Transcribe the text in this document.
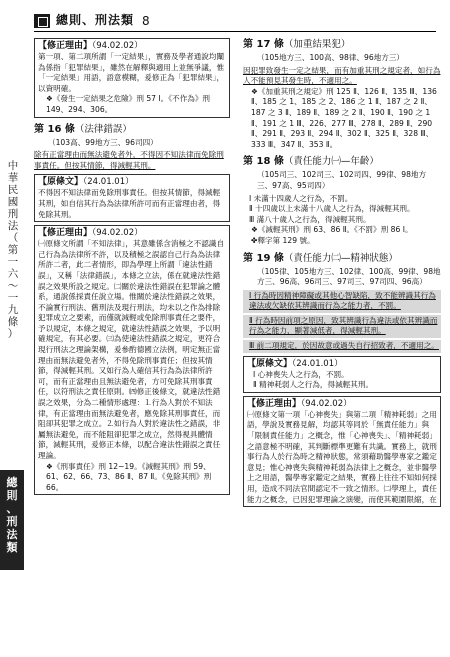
總則、刑法類 8
中
華
民
國
刑
法
（
第
一
六
～
一
九
條
）
總
則
、
刑
法
類
【修正理由】（94.02.02）

第一項、第二項所謂「一定結果」，實務及學者通說均闡為係指「犯罪結果」，雖然在解釋與適用上並無爭議，惟「一定結果」用語，語意模糊，爰修正為「犯罪結果」，以資明確。

❖《發生一定結果之危險》刑 57 Ⅰ。《不作為》刑 149、294、306。

第 16 條（法律錯誤）
（103高、99地方三、96司四）

除有正當理由而無法避免者外，不得因不知法律而免除刑事責任。但按其情節，得減輕其刑。

【原條文】（24.01.01）

不得因不知法律而免除刑事責任。但按其情節，得減輕其刑，如自信其行為為法律所許可而有正當理由者，得免除其刑。

【修正理由】（94.02.02）

㈠原條文所謂「不知法律」，其意雖係含消極之不認識自己行為為法律所不許，以及積極之誤認自己行為為法律所許二者，此二者情形，即為學理上所謂「違法性錯誤」，又稱「法律錯誤」，本條之立法，係在就違法性錯誤之效果所設之規定。㈡關於違法性錯誤在犯罪論之體系，通說係採責任說立場。惟關於違法性錯誤之效果，不論實行刑法、舊刑法及現行刑法，均未以之作為排除犯罪成立之要素，而僅就減輕或免除刑事責任之要件，予以規定，本條之規定，就違法性錯誤之效果，予以明確規定，有其必要。㈢為使違法性錯誤之規定，更符合現行刑法之理論架構，爰參酌德國立法例，明定無正當理由而無法避免者外，不得免除刑事責任；但按其情節，得減輕其刑。又如行為人確信其行為為法律所許可，而有正當理由且無法避免者，方可免除其刑事責任，以符刑法之責任原則。㈣修正後條文，就違法性錯誤之效果，分為二種情形處理：⒈行為人對於不知法律，有正當理由而無法避免者，應免除其刑事責任，而阻卻其犯罪之成立。⒉如行為人對於違法性之錯誤，非屬無法避免，而不能阻卻犯罪之成立，然得視具體情節，減輕其刑，爰修正本條，以配合違法性錯誤之責任理論。

❖《刑事責任》刑 12~19。《減輕其刑》刑 59、61、62、66、73、86 Ⅱ、87 Ⅱ。《免除其刑》刑 66。

第 17 條（加重結果犯）
（105地方三、100高、98律、96地方三）

因犯罪致發生一定之結果，而有加重其刑之規定者，如行為人不能預見其發生時，不適用之。

❖《加重其刑之規定》刑 125 Ⅱ、126 Ⅱ、135 Ⅲ、136 Ⅱ、185 之 1、185 之 2、186 之 1 Ⅱ、187 之 2 Ⅱ、187 之 3 Ⅱ、189 Ⅱ、189 之 2 Ⅱ、190 Ⅱ、190 之 1 Ⅱ、191 之 1 Ⅲ、226、277 Ⅲ、278 Ⅱ、289 Ⅱ、290 Ⅱ、291 Ⅱ、293 Ⅱ、294 Ⅱ、302 Ⅱ、325 Ⅱ、328 Ⅲ、333 Ⅲ、347 Ⅱ、353 Ⅱ。

第 18 條（責任能力㈠—年齡）
（105司三、102司三、102司四、99律、98地方三、97高、95司四）

Ⅰ 未滿十四歲人之行為，不罰。

Ⅱ 十四歲以上未滿十八歲人之行為，得減輕其刑。

Ⅲ 滿八十歲人之行為，得減輕其刑。

❖《減輕其刑》刑 63、86 Ⅱ。《不罰》刑 86 Ⅰ。

✤釋字第 129 號。

第 19 條（責任能力㈡—精神狀態）
（105律、105地方三、102律、100高、99律、98地方三、96高、96司三、97司三、97司四、96高）

Ⅰ 行為時因精神障礙或其他心智缺陷，致不能辨識其行為違法或欠缺依其辨識而行為之能力者，不罰。

Ⅱ 行為時因前項之原因，致其辨識行為違法或依其辨識而行為之能力，顯著減低者，得減輕其刑。

Ⅲ 前二項規定，於因故意或過失自行招致者，不適用之。

【原條文】（24.01.01）

Ⅰ 心神喪失人之行為，不罰。

Ⅱ 精神耗弱人之行為，得減輕其刑。

【修正理由】（94.02.02）

㈠原條文第一項「心神喪失」與第二項「精神耗弱」之用語，學說及實務見解，均認其等同於「無責任能力」與「限制責任能力」之概念，惟「心神喪失」、「精神耗弱」之語意極不明確，其判斷標準更難有共識。實務上，就刑事行為人於行為時之精神狀態，常須藉助醫學專家之鑑定意見；惟心神喪失與精神耗弱為法律上之概念，並非醫學上之用語，醫學專家鑑定之結果，實務上往往不知如何採用，造成不同法官間認定不一致之情形。㈡學理上，責任能力之概念，已因犯罪理論之演變，而使其範圍限縮，在
